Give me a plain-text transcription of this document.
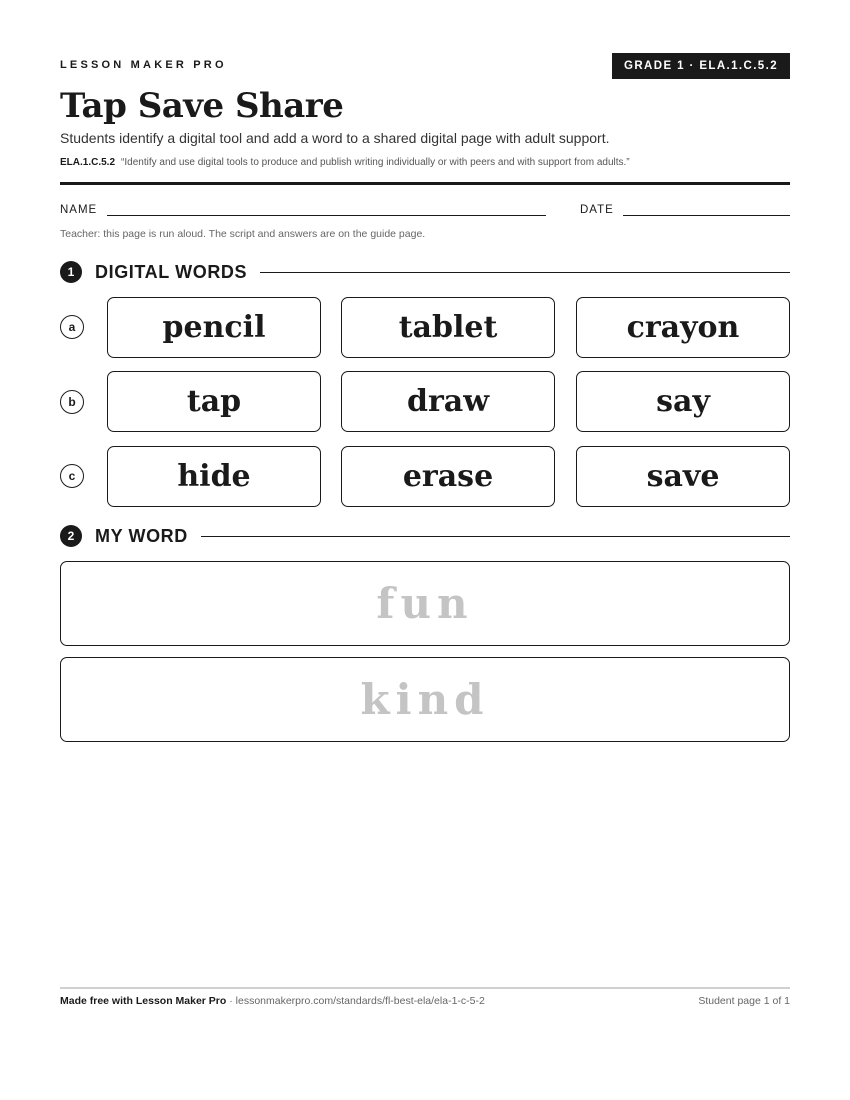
LESSON MAKER PRO	GRADE 1 · ELA.1.C.5.2
Tap Save Share
Students identify a digital tool and add a word to a shared digital page with adult support.
ELA.1.C.5.2 “Identify and use digital tools to produce and publish writing individually or with peers and with support from adults.”
NAME	DATE
Teacher: this page is run aloud. The script and answers are on the guide page.
1	DIGITAL WORDS
a	pencil	tablet	crayon
b	tap	draw	say
c	hide	erase	save
2	MY WORD
fun
kind
Made free with Lesson Maker Pro · lessonmakerpro.com/standards/fl-best-ela/ela-1-c-5-2	Student page 1 of 1
